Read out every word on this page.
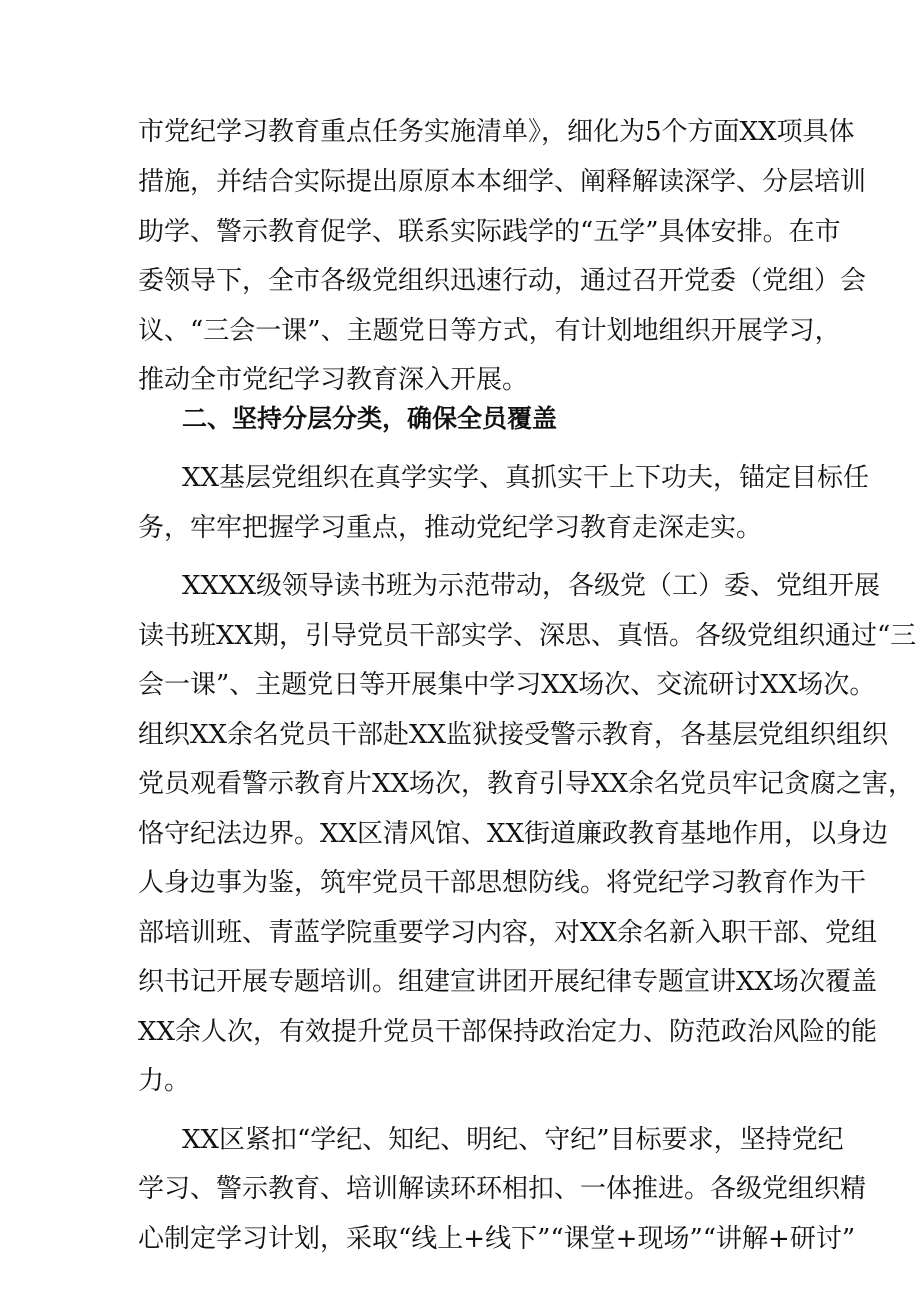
市党纪学习教育重点任务实施清单》，细化为5个方面XX项具体

措施，并结合实际提出原原本本细学、阐释解读深学、分层培训

助学、警示教育促学、联系实际践学的“五学”具体安排。在市

委领导下，全市各级党组织迅速行动，通过召开党委（党组）会

议、“三会一课”、主题党日等方式，有计划地组织开展学习，

推动全市党纪学习教育深入开展。

二、坚持分层分类，确保全员覆盖

XX基层党组织在真学实学、真抓实干上下功夫，锚定目标任

务，牢牢把握学习重点，推动党纪学习教育走深走实。

XXXX级领导读书班为示范带动，各级党（工）委、党组开展

读书班XX期，引导党员干部实学、深思、真悟。各级党组织通过“三

会一课”、主题党日等开展集中学习XX场次、交流研讨XX场次。

组织XX余名党员干部赴XX监狱接受警示教育，各基层党组织组织

党员观看警示教育片XX场次，教育引导XX余名党员牢记贪腐之害，

恪守纪法边界。XX区清风馆、XX街道廉政教育基地作用，以身边

人身边事为鉴，筑牢党员干部思想防线。将党纪学习教育作为干

部培训班、青蓝学院重要学习内容，对XX余名新入职干部、党组

织书记开展专题培训。组建宣讲团开展纪律专题宣讲XX场次覆盖

XX余人次，有效提升党员干部保持政治定力、防范政治风险的能

力。

XX区紧扣“学纪、知纪、明纪、守纪”目标要求，坚持党纪

学习、警示教育、培训解读环环相扣、一体推进。各级党组织精

心制定学习计划，采取“线上+线下”“课堂+现场”“讲解+研讨”
